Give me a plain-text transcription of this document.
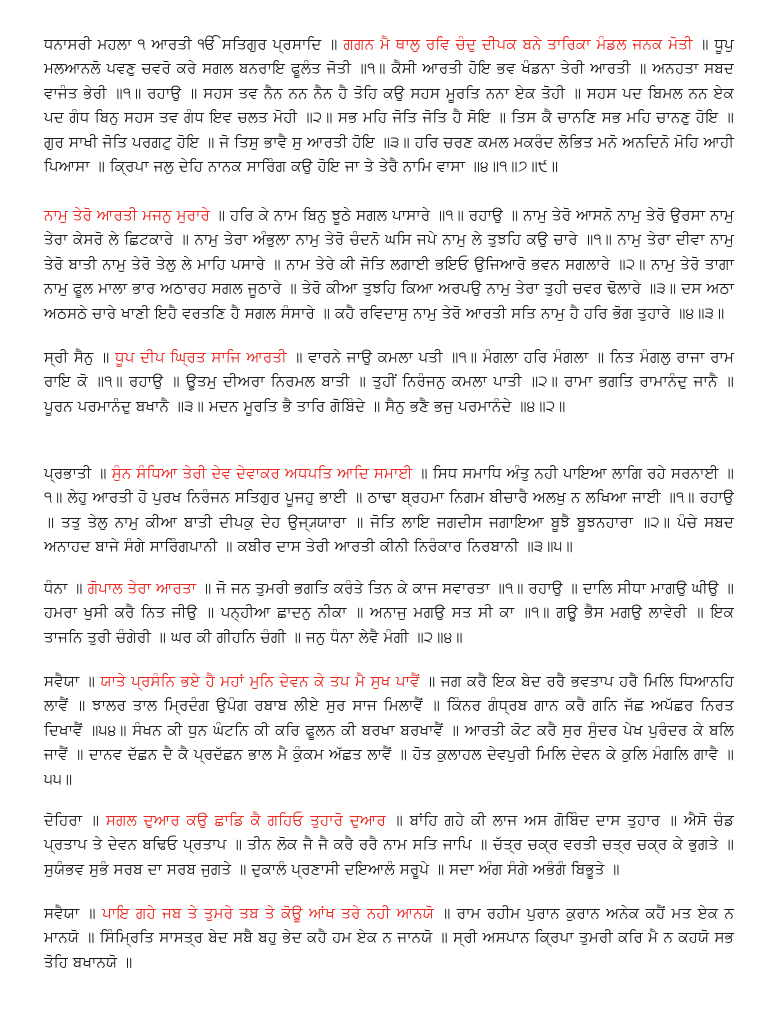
ਧਨਾਸਰੀ ਮਹਲਾ ੧ ਆਰਤੀ ੴ ਸਤਿਗੁਰ ਪ੍ਰਸਾਦਿ ॥ ਗਗਨ ਮੈ ਥਾਲੁ ਰਵਿ ਚੰਦੁ ਦੀਪਕ ਬਨੇ ਤਾਰਿਕਾ ਮੰਡਲ ਜਨਕ ਮੋਤੀ ॥ ਧੂਪੁ ਮਲਆਨਲੋ ਪਵਣੁ ਚਵਰੋ ਕਰੇ ਸਗਲ ਬਨਰਾਇ ਫੂਲੰਤ ਜੋਤੀ ॥੧॥ ਕੈਸੀ ਆਰਤੀ ਹੋਇ ਭਵ ਖੰਡਨਾ ਤੇਰੀ ਆਰਤੀ ॥ ਅਨਹਤਾ ਸਬਦ ਵਾਜੰਤ ਭੇਰੀ ॥੧॥ ਰਹਾਉ ॥ ਸਹਸ ਤਵ ਨੈਨ ਨਨ ਨੈਨ ਹੈ ਤੋਹਿ ਕਉ ਸਹਸ ਮੂਰਤਿ ਨਨਾ ਏਕ ਤੋਹੀ ॥ ਸਹਸ ਪਦ ਬਿਮਲ ਨਨ ਏਕ ਪਦ ਗੰਧ ਬਿਨੁ ਸਹਸ ਤਵ ਗੰਧ ਇਵ ਚਲਤ ਮੋਹੀ ॥੨॥ ਸਭ ਮਹਿ ਜੋਤਿ ਜੋਤਿ ਹੈ ਸੋਇ ॥ ਤਿਸ ਕੈ ਚਾਨਣਿ ਸਭ ਮਹਿ ਚਾਨਣੁ ਹੋਇ ॥ ਗੁਰ ਸਾਖੀ ਜੋਤਿ ਪਰਗਟੁ ਹੋਇ ॥ ਜੋ ਤਿਸੁ ਭਾਵੈ ਸੁ ਆਰਤੀ ਹੋਇ ॥੩॥ ਹਰਿ ਚਰਣ ਕਮਲ ਮਕਰੰਦ ਲੋਭਿਤ ਮਨੋ ਅਨਦਿਨੋ ਮੋਹਿ ਆਹੀ ਪਿਆਸਾ ॥ ਕ੍ਰਿਪਾ ਜਲੁ ਦੇਹਿ ਨਾਨਕ ਸਾਰਿੰਗ ਕਉ ਹੋਇ ਜਾ ਤੇ ਤੇਰੈ ਨਾਮਿ ਵਾਸਾ ॥੪॥੧॥੭॥੯॥

ਨਾਮੁ ਤੇਰੋ ਆਰਤੀ ਮਜਨੁ ਮੁਰਾਰੇ ॥ ਹਰਿ ਕੇ ਨਾਮ ਬਿਨੁ ਝੂਠੇ ਸਗਲ ਪਾਸਾਰੇ ॥੧॥ ਰਹਾਉ ॥ ਨਾਮੁ ਤੇਰੋ ਆਸਨੋ ਨਾਮੁ ਤੇਰੋ ਉਰਸਾ ਨਾਮੁ ਤੇਰਾ ਕੇਸਰੋ ਲੇ ਛਿਟਕਾਰੇ ॥ ਨਾਮੁ ਤੇਰਾ ਅੰਭੁਲਾ ਨਾਮੁ ਤੇਰੋ ਚੰਦਨੋ ਘਸਿ ਜਪੇ ਨਾਮੁ ਲੇ ਤੁਝਹਿ ਕਉ ਚਾਰੇ ॥੧॥ ਨਾਮੁ ਤੇਰਾ ਦੀਵਾ ਨਾਮੁ ਤੇਰੋ ਬਾਤੀ ਨਾਮੁ ਤੇਰੋ ਤੇਲੁ ਲੇ ਮਾਹਿ ਪਸਾਰੇ ॥ ਨਾਮ ਤੇਰੇ ਕੀ ਜੋਤਿ ਲਗਾਈ ਭਇਓ ਉਜਿਆਰੋ ਭਵਨ ਸਗਲਾਰੇ ॥੨॥ ਨਾਮੁ ਤੇਰੋ ਤਾਗਾ ਨਾਮੁ ਫੂਲ ਮਾਲਾ ਭਾਰ ਅਠਾਰਹ ਸਗਲ ਜੂਠਾਰੇ ॥ ਤੇਰੋ ਕੀਆ ਤੁਝਹਿ ਕਿਆ ਅਰਪਉ ਨਾਮੁ ਤੇਰਾ ਤੁਹੀ ਚਵਰ ਢੋਲਾਰੇ ॥੩॥ ਦਸ ਅਠਾ ਅਠਸਠੇ ਚਾਰੇ ਖਾਣੀ ਇਹੈ ਵਰਤਣਿ ਹੈ ਸਗਲ ਸੰਸਾਰੇ ॥ ਕਹੈ ਰਵਿਦਾਸੁ ਨਾਮੁ ਤੇਰੋ ਆਰਤੀ ਸਤਿ ਨਾਮੁ ਹੈ ਹਰਿ ਭੋਗ ਤੁਹਾਰੇ ॥੪॥੩॥

ਸ੍ਰੀ ਸੈਨੁ ॥ ਧੂਪ ਦੀਪ ਘ੍ਰਿਤ ਸਾਜਿ ਆਰਤੀ ॥ ਵਾਰਨੇ ਜਾਉ ਕਮਲਾ ਪਤੀ ॥੧॥ ਮੰਗਲਾ ਹਰਿ ਮੰਗਲਾ ॥ ਨਿਤ ਮੰਗਲੁ ਰਾਜਾ ਰਾਮ ਰਾਇ ਕੋ ॥੧॥ ਰਹਾਉ ॥ ਊਤਮੁ ਦੀਅਰਾ ਨਿਰਮਲ ਬਾਤੀ ॥ ਤੁਹੀਂ ਨਿਰੰਜਨੁ ਕਮਲਾ ਪਾਤੀ ॥੨॥ ਰਾਮਾ ਭਗਤਿ ਰਾਮਾਨੰਦੁ ਜਾਨੈ ॥ ਪੂਰਨ ਪਰਮਾਨੰਦੁ ਬਖਾਨੈ ॥੩॥ ਮਦਨ ਮੂਰਤਿ ਭੈ ਤਾਰਿ ਗੋਬਿੰਦੇ ॥ ਸੈਨੁ ਭਣੈ ਭਜੁ ਪਰਮਾਨੰਦੇ ॥੪॥੨॥

ਪ੍ਰਭਾਤੀ ॥ ਸੁੰਨ ਸੰਧਿਆ ਤੇਰੀ ਦੇਵ ਦੇਵਾਕਰ ਅਧਪਤਿ ਆਦਿ ਸਮਾਈ ॥ ਸਿਧ ਸਮਾਧਿ ਅੰਤੁ ਨਹੀ ਪਾਇਆ ਲਾਗਿ ਰਹੇ ਸਰਨਾਈ ॥੧॥ ਲੇਹੁ ਆਰਤੀ ਹੋ ਪੁਰਖ ਨਿਰੰਜਨ ਸਤਿਗੁਰ ਪੂਜਹੁ ਭਾਈ ॥ ਠਾਢਾ ਬ੍ਰਹਮਾ ਨਿਗਮ ਬੀਚਾਰੈ ਅਲਖੁ ਨ ਲਖਿਆ ਜਾਈ ॥੧॥ ਰਹਾਉ ॥ ਤਤੁ ਤੇਲੁ ਨਾਮੁ ਕੀਆ ਬਾਤੀ ਦੀਪਕੁ ਦੇਹ ਉਜ੍ਯ੍ਯਾਰਾ ॥ ਜੋਤਿ ਲਾਇ ਜਗਦੀਸ ਜਗਾਇਆ ਬੂਝੈ ਬੂਝਨਹਾਰਾ ॥੨॥ ਪੰਚੇ ਸਬਦ ਅਨਾਹਦ ਬਾਜੇ ਸੰਗੇ ਸਾਰਿੰਗਪਾਨੀ ॥ ਕਬੀਰ ਦਾਸ ਤੇਰੀ ਆਰਤੀ ਕੀਨੀ ਨਿਰੰਕਾਰ ਨਿਰਬਾਨੀ ॥੩॥੫॥

ਧੰਨਾ ॥ ਗੋਪਾਲ ਤੇਰਾ ਆਰਤਾ ॥ ਜੋ ਜਨ ਤੁਮਰੀ ਭਗਤਿ ਕਰੰਤੇ ਤਿਨ ਕੇ ਕਾਜ ਸਵਾਰਤਾ ॥੧॥ ਰਹਾਉ ॥ ਦਾਲਿ ਸੀਧਾ ਮਾਗਉ ਘੀਉ ॥ ਹਮਰਾ ਖੁਸੀ ਕਰੈ ਨਿਤ ਜੀਉ ॥ ਪਨ੍ਹੀਆ ਛਾਦਨੁ ਨੀਕਾ ॥ ਅਨਾਜੁ ਮਗਉ ਸਤ ਸੀ ਕਾ ॥੧॥ ਗਊ ਭੈਸ ਮਗਉ ਲਾਵੇਰੀ ॥ ਇਕ ਤਾਜਨਿ ਤੁਰੀ ਚੰਗੇਰੀ ॥ ਘਰ ਕੀ ਗੀਹਨਿ ਚੰਗੀ ॥ ਜਨੁ ਧੰਨਾ ਲੇਵੈ ਮੰਗੀ ॥੨॥੪॥

ਸਵੈਯਾ ॥ ਯਾਤੇ ਪ੍ਰਸੰਨਿ ਭਏ ਹੈ ਮਹਾਂ ਮੁਨਿ ਦੇਵਨ ਕੇ ਤਪ ਮੈ ਸੁਖ ਪਾਵੈਂ ॥ ਜਗ ਕਰੈ ਇਕ ਬੇਦ ਰਰੈ ਭਵਤਾਪ ਹਰੈ ਮਿਲਿ ਧਿਆਨਹਿ ਲਾਵੈਂ ॥ ਝਾਲਰ ਤਾਲ ਮ੍ਰਿਦੰਗ ਉਪੰਗ ਰਬਾਬ ਲੀਏ ਸੁਰ ਸਾਜ ਮਿਲਾਵੈਂ ॥ ਕਿੰਨਰ ਗੰਧ੍ਰਬ ਗਾਨ ਕਰੈ ਗਨਿ ਜੱਛ ਅਪੱਛਰ ਨਿਰਤ ਦਿਖਾਵੈਂ ॥੫੪॥ ਸੰਖਨ ਕੀ ਧੁਨ ਘੰਟਨਿ ਕੀ ਕਰਿ ਫੂਲਨ ਕੀ ਬਰਖਾ ਬਰਖਾਵੈਂ ॥ ਆਰਤੀ ਕੋਟ ਕਰੈ ਸੁਰ ਸੁੰਦਰ ਪੇਖ ਪੁਰੰਦਰ ਕੇ ਬਲਿ ਜਾਵੈਂ ॥ ਦਾਨਵ ਦੱਛਨ ਦੈ ਕੈ ਪ੍ਰਦੱਛਨ ਭਾਲ ਮੈ ਕੁੰਕਮ ਅੱਛਤ ਲਾਵੈਂ ॥ ਹੋਤ ਕੁਲਾਹਲ ਦੇਵਪੁਰੀ ਮਿਲਿ ਦੇਵਨ ਕੇ ਕੁਲਿ ਮੰਗਲਿ ਗਾਵੈ ॥੫੫॥

ਦੋਹਿਰਾ ॥ ਸਗਲ ਦੁਆਰ ਕਉ ਛਾਡਿ ਕੈ ਗਹਿਓ ਤੁਹਾਰੋ ਦੁਆਰ ॥ ਬਾਂਹਿ ਗਹੇ ਕੀ ਲਾਜ ਅਸ ਗੋਬਿੰਦ ਦਾਸ ਤੁਹਾਰ ॥ ਐਸੋ ਚੰਡ ਪ੍ਰਤਾਪ ਤੇ ਦੇਵਨ ਬਢਿਓ ਪ੍ਰਤਾਪ ॥ ਤੀਨ ਲੋਕ ਜੈ ਜੈ ਕਰੈ ਰਰੈ ਨਾਮ ਸਤਿ ਜਾਪਿ ॥ ਚੱਤ੍ਰ ਚਕ੍ਰ ਵਰਤੀ ਚਤ੍ਰ ਚਕ੍ਰ ਕੇ ਭੁਗਤੇ ॥ ਸੁਯੰਭਵ ਸੁਭੰ ਸਰਬ ਦਾ ਸਰਬ ਜੁਗਤੇ ॥ ਦੁਕਾਲੰ ਪ੍ਰਣਾਸੀ ਦਇਆਲੰ ਸਰੂਪੇ ॥ ਸਦਾ ਅੰਗ ਸੰਗੇ ਅਭੰਗੰ ਬਿਭੂਤੇ ॥

ਸਵੈਯਾ ॥ ਪਾਇ ਗਹੇ ਜਬ ਤੇ ਤੁਮਰੇ ਤਬ ਤੇ ਕੋਊ ਆਂਖ ਤਰੇ ਨਹੀ ਆਨਯੋ ॥ ਰਾਮ ਰਹੀਮ ਪੁਰਾਨ ਕੁਰਾਨ ਅਨੇਕ ਕਹੈਂ ਮਤ ਏਕ ਨ ਮਾਨਯੋ ॥ ਸਿੰਮ੍ਰਿਤਿ ਸਾਸਤ੍ਰ ਬੇਦ ਸਬੈ ਬਹੁ ਭੇਦ ਕਹੈ ਹਮ ਏਕ ਨ ਜਾਨਯੋ ॥ ਸ੍ਰੀ ਅਸਪਾਨ ਕ੍ਰਿਪਾ ਤੁਮਰੀ ਕਰਿ ਮੈ ਨ ਕਹਯੋ ਸਭ ਤੋਹਿ ਬਖਾਨਯੋ ॥
